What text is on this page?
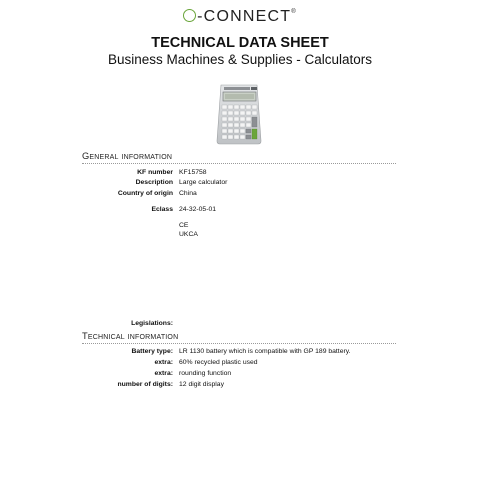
-CONNECT®
TECHNICAL DATA SHEET
Business Machines & Supplies - Calculators
General information
KF number KF15758
Description Large calculator
Country of origin China
Eclass 24-32-05-01
CE
UKCA
Legislations:
Technical information
Battery type: LR 1130 battery which is compatible with GP 189 battery.
extra: 60% recycled plastic used
extra: rounding function
number of digits: 12 digit display
